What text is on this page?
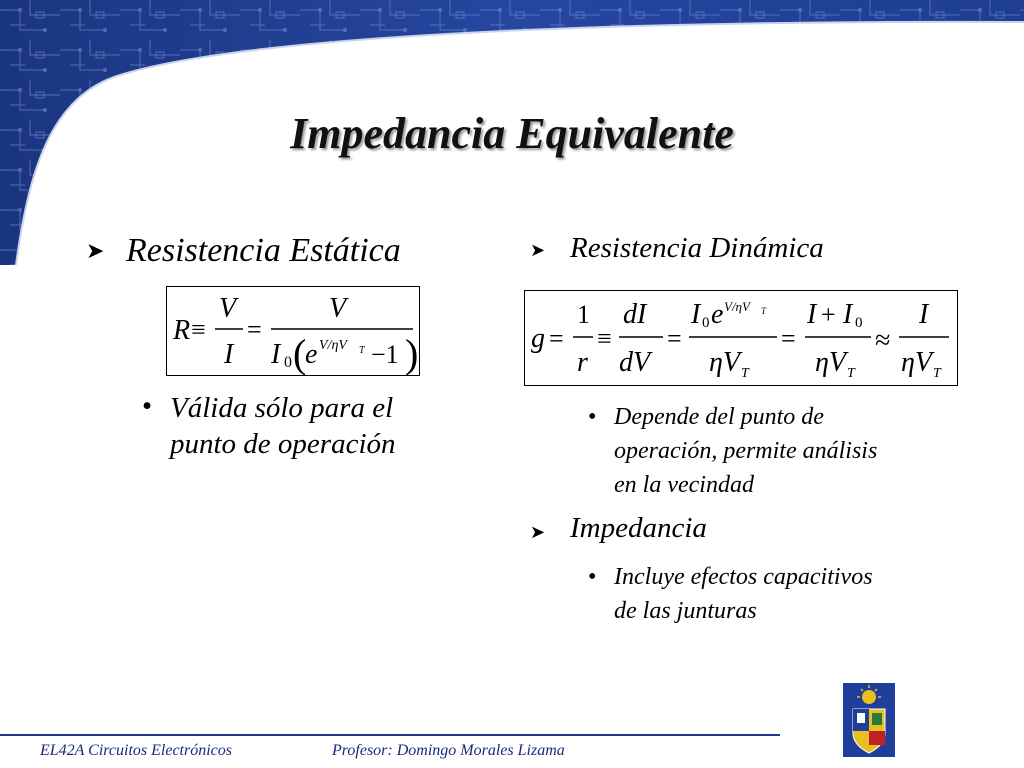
Impedancia Equivalente
➤ Resistencia Estática
R ≡
V
I
=
V
I 0 (
e V/ηV T −1 )
• Válida sólo para el
punto de operación
➤ Resistencia Dinámica
g =
1
r
≡
dI
dV
=
I 0 e V/ηV T
ηV T
=
I + I 0
ηV T
≈
I
ηV T
• Depende del punto de
operación, permite análisis
en la vecindad
➤ Impedancia
• Incluye efectos capacitivos
de las junturas
EL42A Circuitos Electrónicos	Profesor: Domingo Morales Lizama
